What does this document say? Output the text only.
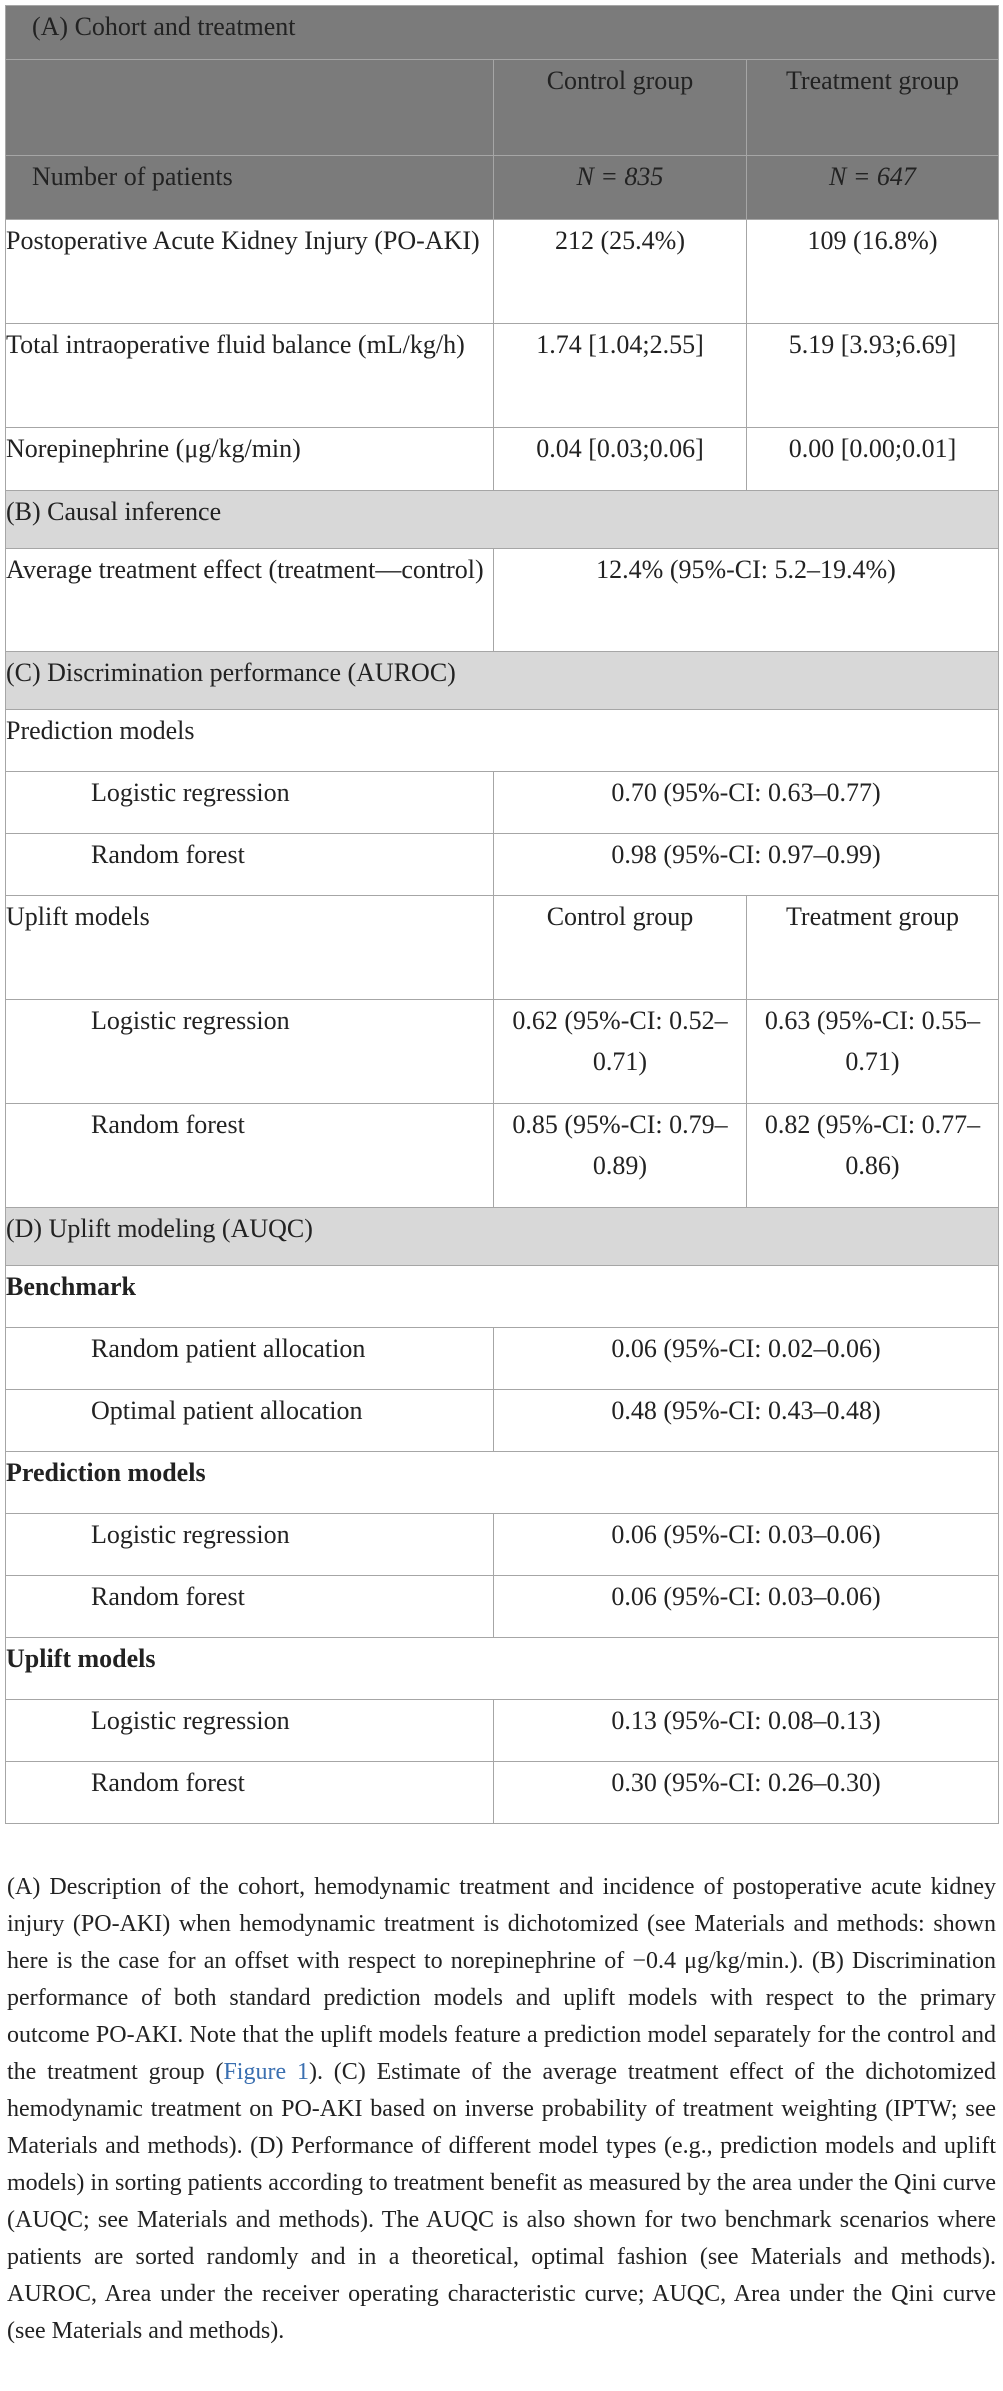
(A) Cohort and treatment		
	Control group	Treatment group
Number of patients	N = 835	N = 647
Postoperative Acute Kidney Injury (PO-AKI)	212 (25.4%)	109 (16.8%)
Total intraoperative fluid balance (mL/kg/h)	1.74 [1.04;2.55]	5.19 [3.93;6.69]
Norepinephrine (μg/kg/min)	0.04 [0.03;0.06]	0.00 [0.00;0.01]
(B) Causal inference		
Average treatment effect (treatment—control)	12.4% (95%-CI: 5.2–19.4%)	
(C) Discrimination performance (AUROC)		
Prediction models		
Logistic regression	0.70 (95%-CI: 0.63–0.77)	
Random forest	0.98 (95%-CI: 0.97–0.99)	
Uplift models	Control group	Treatment group
Logistic regression	0.62 (95%-CI: 0.52–0.71)	0.63 (95%-CI: 0.55–0.71)
Random forest	0.85 (95%-CI: 0.79–0.89)	0.82 (95%-CI: 0.77–0.86)
(D) Uplift modeling (AUQC)		
Benchmark		
Random patient allocation	0.06 (95%-CI: 0.02–0.06)	
Optimal patient allocation	0.48 (95%-CI: 0.43–0.48)	
Prediction models		
Logistic regression	0.06 (95%-CI: 0.03–0.06)	
Random forest	0.06 (95%-CI: 0.03–0.06)	
Uplift models		
Logistic regression	0.13 (95%-CI: 0.08–0.13)	
Random forest	0.30 (95%-CI: 0.26–0.30)	

(A) Description of the cohort, hemodynamic treatment and incidence of postoperative acute kidney injury (PO-AKI) when hemodynamic treatment is dichotomized (see Materials and methods: shown here is the case for an offset with respect to norepinephrine of −0.4 μg/kg/min.). (B) Discrimination performance of both standard prediction models and uplift models with respect to the primary outcome PO-AKI. Note that the uplift models feature a prediction model separately for the control and the treatment group (Figure 1). (C) Estimate of the average treatment effect of the dichotomized hemodynamic treatment on PO-AKI based on inverse probability of treatment weighting (IPTW; see Materials and methods). (D) Performance of different model types (e.g., prediction models and uplift models) in sorting patients according to treatment benefit as measured by the area under the Qini curve (AUQC; see Materials and methods). The AUQC is also shown for two benchmark scenarios where patients are sorted randomly and in a theoretical, optimal fashion (see Materials and methods). AUROC, Area under the receiver operating characteristic curve; AUQC, Area under the Qini curve (see Materials and methods).
